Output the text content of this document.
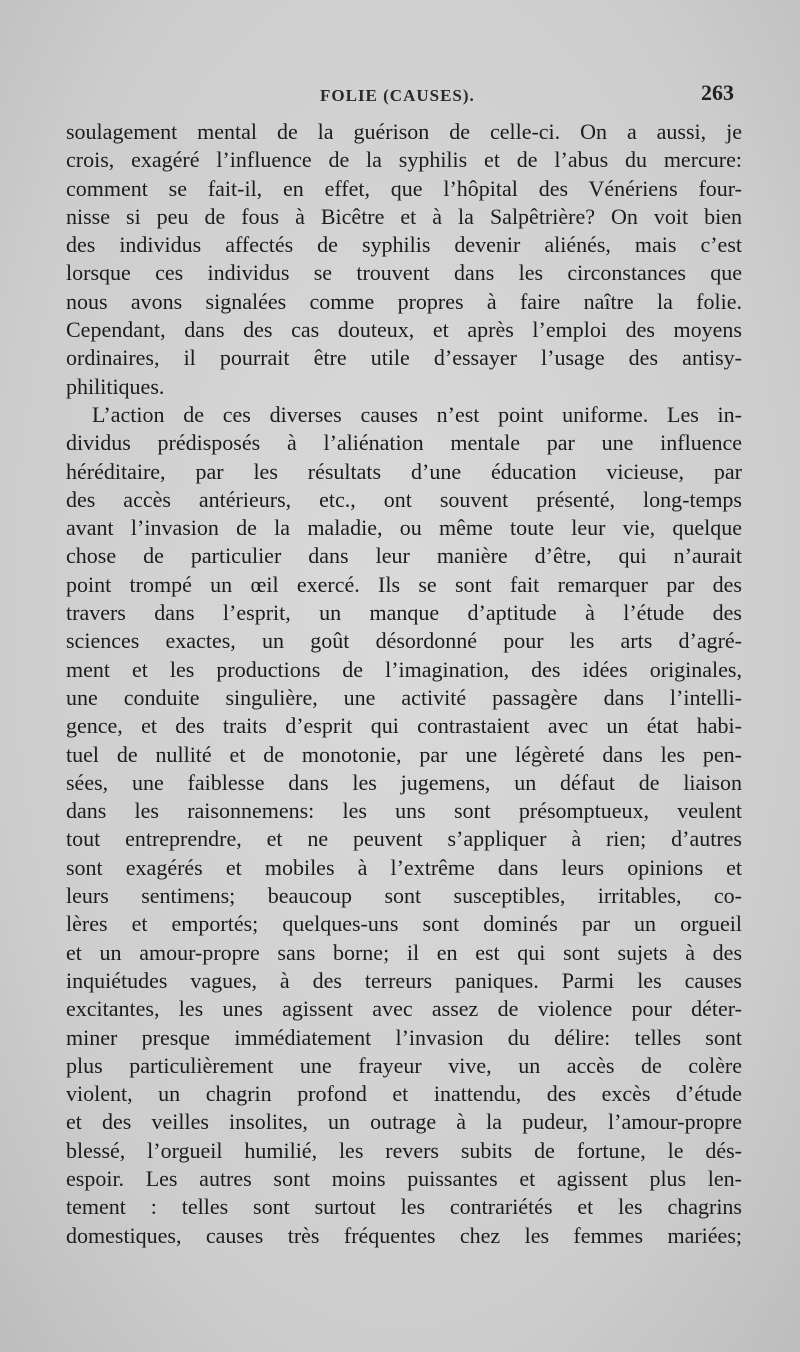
FOLIE (CAUSES).	263
soulagement mental de la guérison de celle-ci. On a aussi, je
crois, exagéré l’influence de la syphilis et de l’abus du mercure:
comment se fait-il, en effet, que l’hôpital des Vénériens four-
nisse si peu de fous à Bicêtre et à la Salpêtrière? On voit bien
des individus affectés de syphilis devenir aliénés, mais c’est
lorsque ces individus se trouvent dans les circonstances que
nous avons signalées comme propres à faire naître la folie.
Cependant, dans des cas douteux, et après l’emploi des moyens
ordinaires, il pourrait être utile d’essayer l’usage des antisy-
philitiques.
L’action de ces diverses causes n’est point uniforme. Les in-
dividus prédisposés à l’aliénation mentale par une influence
héréditaire, par les résultats d’une éducation vicieuse, par
des accès antérieurs, etc., ont souvent présenté, long-temps
avant l’invasion de la maladie, ou même toute leur vie, quelque
chose de particulier dans leur manière d’être, qui n’aurait
point trompé un œil exercé. Ils se sont fait remarquer par des
travers dans l’esprit, un manque d’aptitude à l’étude des
sciences exactes, un goût désordonné pour les arts d’agré-
ment et les productions de l’imagination, des idées originales,
une conduite singulière, une activité passagère dans l’intelli-
gence, et des traits d’esprit qui contrastaient avec un état habi-
tuel de nullité et de monotonie, par une légèreté dans les pen-
sées, une faiblesse dans les jugemens, un défaut de liaison
dans les raisonnemens: les uns sont présomptueux, veulent
tout entreprendre, et ne peuvent s’appliquer à rien; d’autres
sont exagérés et mobiles à l’extrême dans leurs opinions et
leurs sentimens; beaucoup sont susceptibles, irritables, co-
lères et emportés; quelques-uns sont dominés par un orgueil
et un amour-propre sans borne; il en est qui sont sujets à des
inquiétudes vagues, à des terreurs paniques. Parmi les causes
excitantes, les unes agissent avec assez de violence pour déter-
miner presque immédiatement l’invasion du délire: telles sont
plus particulièrement une frayeur vive, un accès de colère
violent, un chagrin profond et inattendu, des excès d’étude
et des veilles insolites, un outrage à la pudeur, l’amour-propre
blessé, l’orgueil humilié, les revers subits de fortune, le dés-
espoir. Les autres sont moins puissantes et agissent plus len-
tement : telles sont surtout les contrariétés et les chagrins
domestiques, causes très fréquentes chez les femmes mariées;
